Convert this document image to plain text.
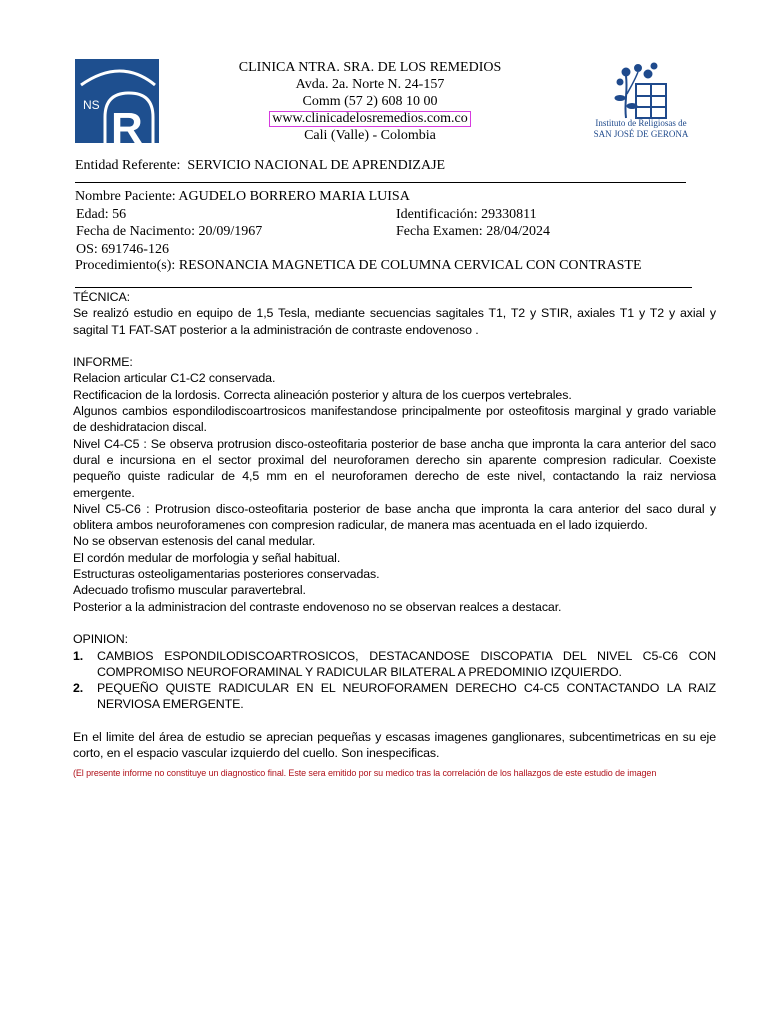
NS R
CLINICA NTRA. SRA. DE LOS REMEDIOS
Avda. 2a. Norte N. 24-157
Comm (57 2) 608 10 00
www.clinicadelosremedios.com.co
Cali (Valle) - Colombia
Instituto de Religiosas de
SAN JOSÉ DE GERONA
Entidad Referente: SERVICIO NACIONAL DE APRENDIZAJE
Nombre Paciente: AGUDELO BORRERO MARIA LUISA
Edad: 56	Identificación: 29330811
Fecha de Nacimento: 20/09/1967	Fecha Examen: 28/04/2024
OS: 691746-126
Procedimiento(s): RESONANCIA MAGNETICA DE COLUMNA CERVICAL CON CONTRASTE

TÉCNICA:

Se realizó estudio en equipo de 1,5 Tesla, mediante secuencias sagitales T1, T2 y STIR, axiales T1 y T2 y axial y sagital T1 FAT-SAT posterior a la administración de contraste endovenoso .

INFORME:

Relacion articular C1-C2 conservada.

Rectificacion de la lordosis. Correcta alineación posterior y altura de los cuerpos vertebrales.

Algunos cambios espondilodiscoartrosicos manifestandose principalmente por osteofitosis marginal y grado variable de deshidratacion discal.

Nivel C4-C5 : Se observa protrusion disco-osteofitaria posterior de base ancha que impronta la cara anterior del saco dural e incursiona en el sector proximal del neuroforamen derecho sin aparente compresion radicular. Coexiste pequeño quiste radicular de 4,5 mm en el neuroforamen derecho de este nivel, contactando la raiz nerviosa emergente.

Nivel C5-C6 : Protrusion disco-osteofitaria posterior de base ancha que impronta la cara anterior del saco dural y oblitera ambos neuroforamenes con compresion radicular, de manera mas acentuada en el lado izquierdo.

No se observan estenosis del canal medular.

El cordón medular de morfologia y señal habitual.

Estructuras osteoligamentarias posteriores conservadas.

Adecuado trofismo muscular paravertebral.

Posterior a la administracion del contraste endovenoso no se observan realces a destacar.

OPINION:

1. CAMBIOS ESPONDILODISCOARTROSICOS, DESTACANDOSE DISCOPATIA DEL NIVEL C5-C6 CON COMPROMISO NEUROFORAMINAL Y RADICULAR BILATERAL A PREDOMINIO IZQUIERDO.
2. PEQUEÑO QUISTE RADICULAR EN EL NEUROFORAMEN DERECHO C4-C5 CONTACTANDO LA RAIZ NERVIOSA EMERGENTE.

En el limite del área de estudio se aprecian pequeñas y escasas imagenes ganglionares, subcentimetricas en su eje corto, en el espacio vascular izquierdo del cuello. Son inespecificas.

(El presente informe no constituye un diagnostico final. Este sera emitido por su medico tras la correlación de los hallazgos de este estudio de imagen
